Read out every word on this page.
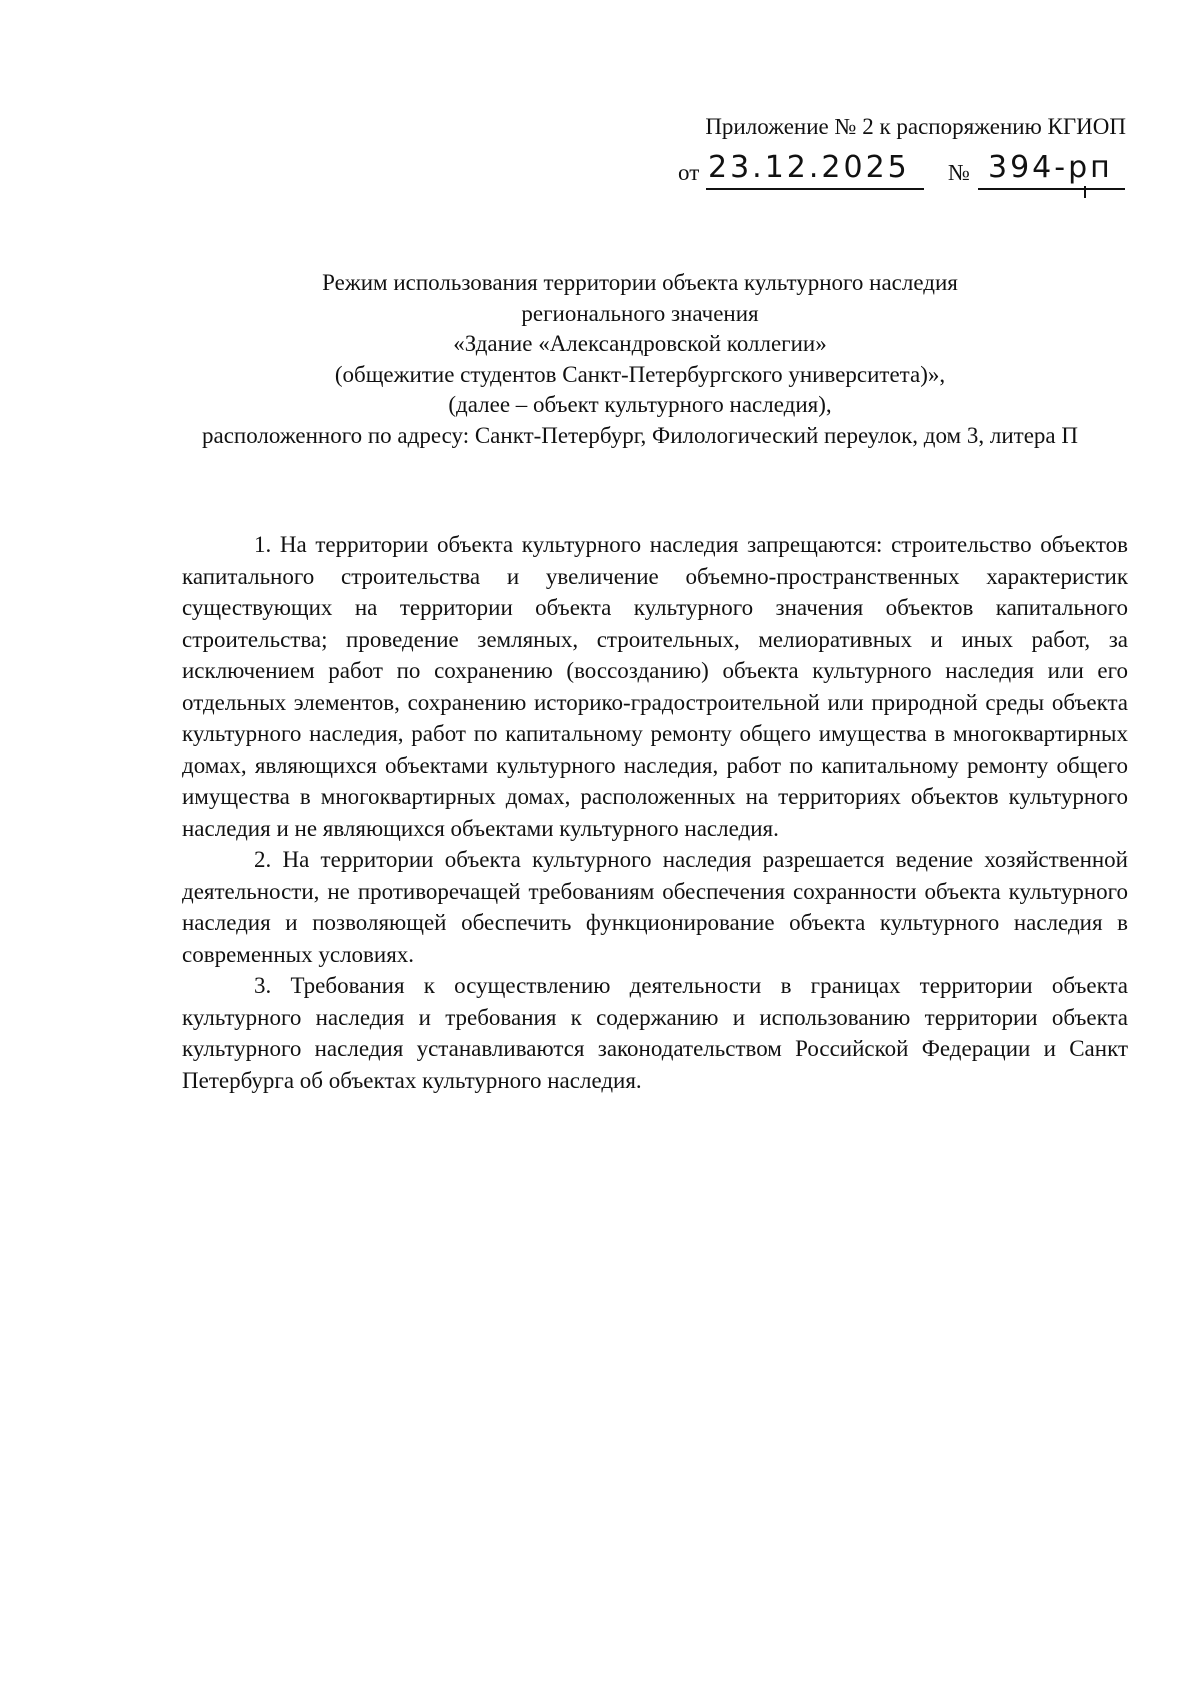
Приложение № 2 к распоряжению КГИОП
от 23.12.2025 № 394-рп
Режим использования территории объекта культурного наследия
регионального значения
«Здание «Александровской коллегии»
(общежитие студентов Санкт-Петербургского университета)»,
(далее – объект культурного наследия),
расположенного по адресу: Санкт-Петербург, Филологический переулок, дом 3, литера П

1. На территории объекта культурного наследия запрещаются: строительство объектов капитального строительства и увеличение объемно-пространственных характеристик существующих на территории объекта культурного значения объектов капитального строительства; проведение земляных, строительных, мелиоративных и иных работ, за исключением работ по сохранению (воссозданию) объекта культурного наследия или его отдельных элементов, сохранению историко-градостроительной или природной среды объекта культурного наследия, работ по капитальному ремонту общего имущества в многоквартирных домах, являющихся объектами культурного наследия, работ по капитальному ремонту общего имущества в многоквартирных домах, расположенных на территориях объектов культурного наследия и не являющихся объектами культурного наследия.

2. На территории объекта культурного наследия разрешается ведение хозяйственной деятельности, не противоречащей требованиям обеспечения сохранности объекта культурного наследия и позволяющей обеспечить функционирование объекта культурного наследия в современных условиях.

3. Требования к осуществлению деятельности в границах территории объекта культурного наследия и требования к содержанию и использованию территории объекта культурного наследия устанавливаются законодательством Российской Федерации и Санкт Петербурга об объектах культурного наследия.
